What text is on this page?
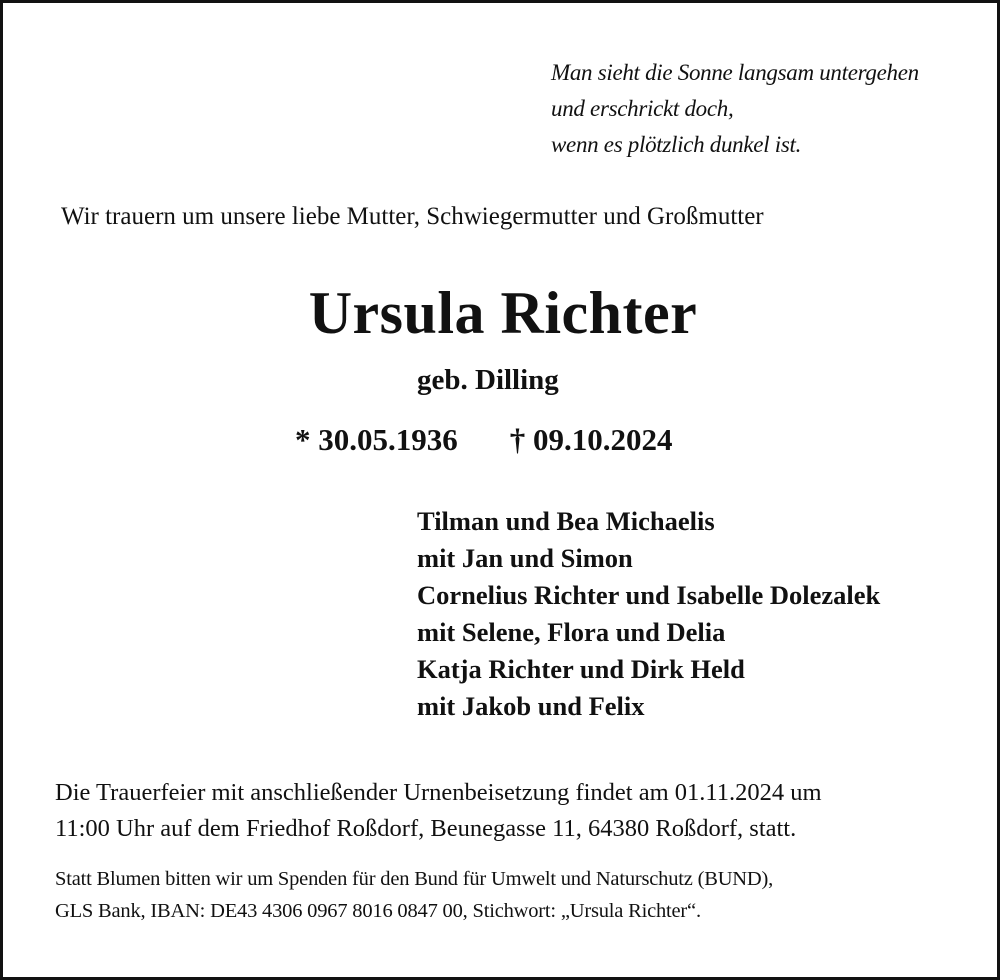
Man sieht die Sonne langsam untergehen
und erschrickt doch,
wenn es plötzlich dunkel ist.
Wir trauern um unsere liebe Mutter, Schwiegermutter und Großmutter
Ursula Richter
geb. Dilling
* 30.05.1936 † 09.10.2024
Tilman und Bea Michaelis
mit Jan und Simon
Cornelius Richter und Isabelle Dolezalek
mit Selene, Flora und Delia
Katja Richter und Dirk Held
mit Jakob und Felix
Die Trauerfeier mit anschließender Urnenbeisetzung findet am 01.11.2024 um
11:00 Uhr auf dem Friedhof Roßdorf, Beunegasse 11, 64380 Roßdorf, statt.
Statt Blumen bitten wir um Spenden für den Bund für Umwelt und Naturschutz (BUND),
GLS Bank, IBAN: DE43 4306 0967 8016 0847 00, Stichwort: „Ursula Richter“.
